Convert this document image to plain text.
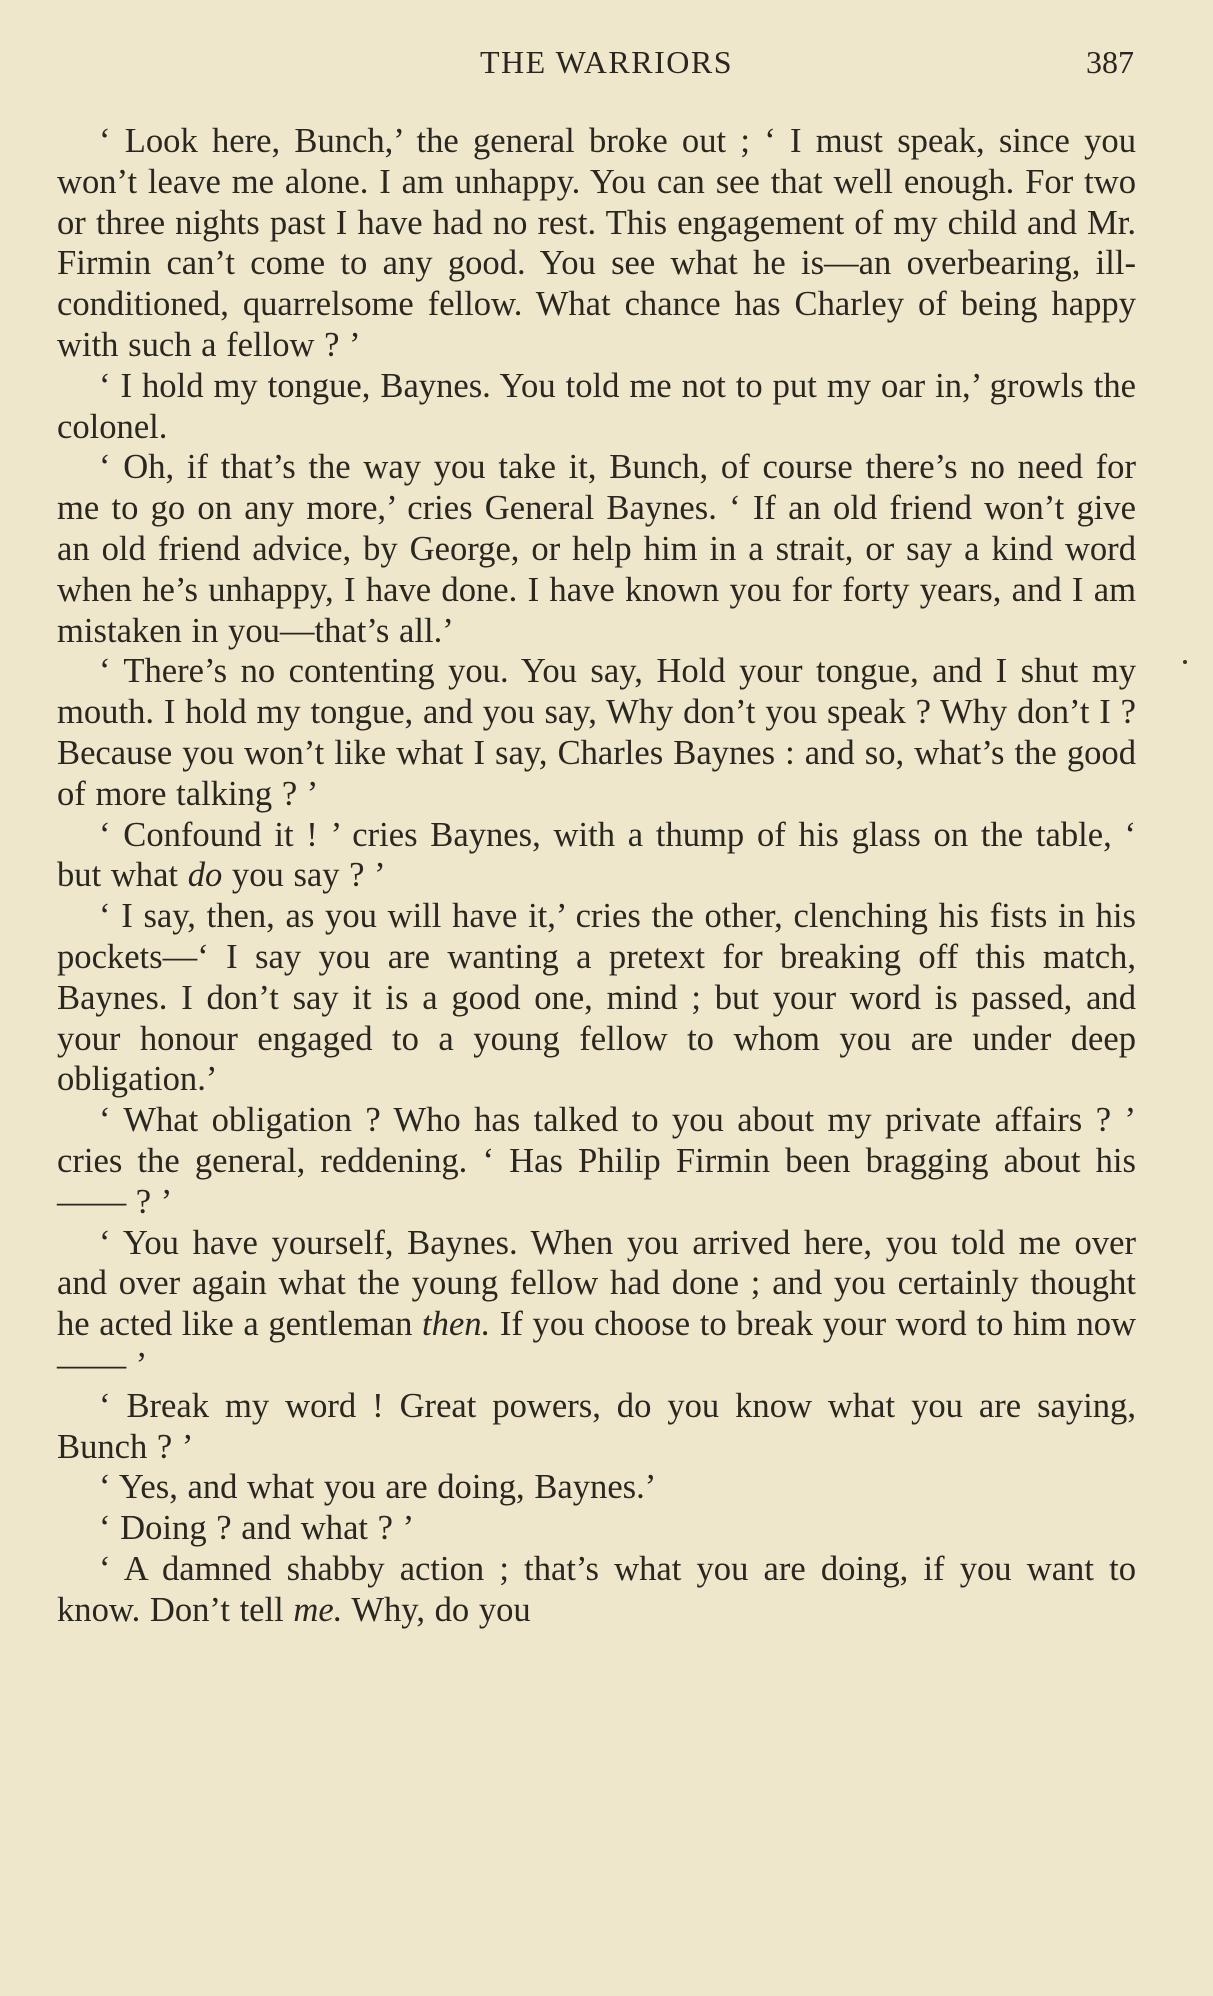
THE WARRIORS	387

‘ Look here, Bunch,’ the general broke out ; ‘ I must speak, since you won’t leave me alone. I am unhappy. You can see that well enough. For two or three nights past I have had no rest. This engagement of my child and Mr. Firmin can’t come to any good. You see what he is—an overbearing, ill-conditioned, quarrelsome fellow. What chance has Charley of being happy with such a fellow ? ’

‘ I hold my tongue, Baynes. You told me not to put my oar in,’ growls the colonel.

‘ Oh, if that’s the way you take it, Bunch, of course there’s no need for me to go on any more,’ cries General Baynes. ‘ If an old friend won’t give an old friend advice, by George, or help him in a strait, or say a kind word when he’s unhappy, I have done. I have known you for forty years, and I am mistaken in you—that’s all.’

‘ There’s no contenting you. You say, Hold your tongue, and I shut my mouth. I hold my tongue, and you say, Why don’t you speak ? Why don’t I ? Because you won’t like what I say, Charles Baynes : and so, what’s the good of more talking ? ’

‘ Confound it ! ’ cries Baynes, with a thump of his glass on the table, ‘ but what do you say ? ’

‘ I say, then, as you will have it,’ cries the other, clenching his fists in his pockets—‘ I say you are wanting a pretext for breaking off this match, Baynes. I don’t say it is a good one, mind ; but your word is passed, and your honour engaged to a young fellow to whom you are under deep obligation.’

‘ What obligation ? Who has talked to you about my private affairs ? ’ cries the general, reddening. ‘ Has Philip Firmin been bragging about his—— ? ’

‘ You have yourself, Baynes. When you arrived here, you told me over and over again what the young fellow had done ; and you certainly thought he acted like a gentleman then. If you choose to break your word to him now—— ’

‘ Break my word ! Great powers, do you know what you are saying, Bunch ? ’

‘ Yes, and what you are doing, Baynes.’

‘ Doing ? and what ? ’

‘ A damned shabby action ; that’s what you are doing, if you want to know. Don’t tell me. Why, do you
